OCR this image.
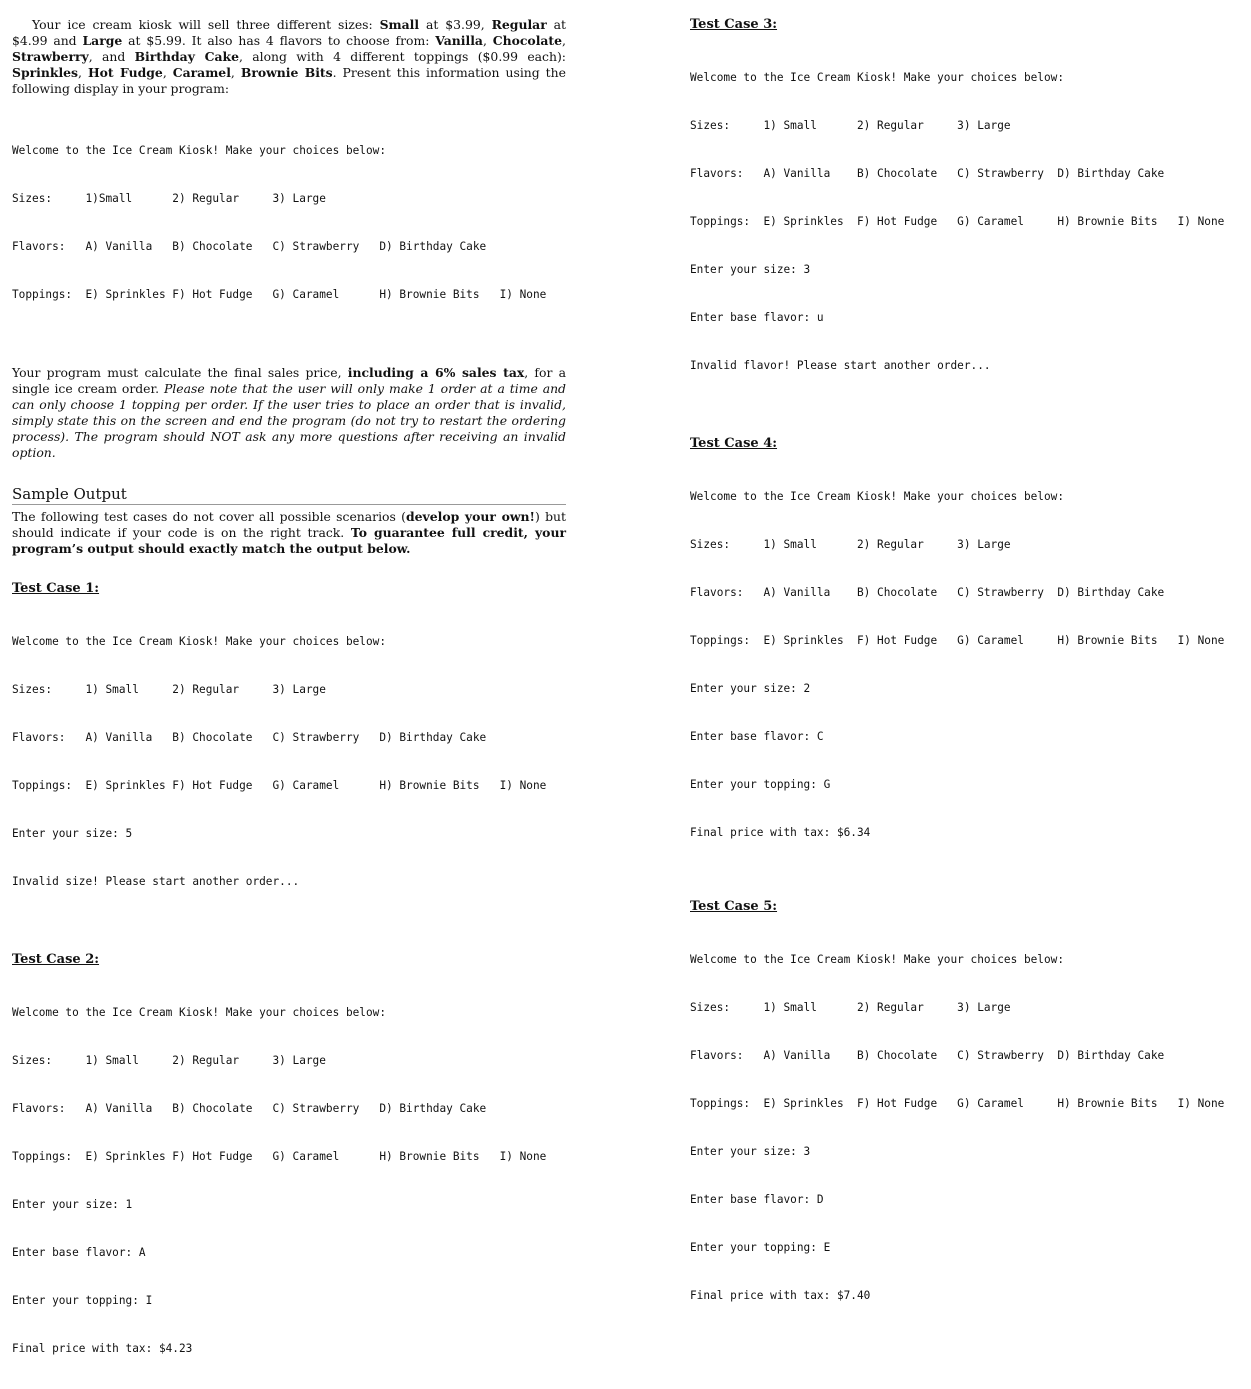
Your ice cream kiosk will sell three different sizes: Small at $3.99, Regular at $4.99 and Large at $5.99. It also has 4 flavors to choose from: Vanilla, Chocolate, Strawberry, and Birthday Cake, along with 4 different toppings ($0.99 each): Sprinkles, Hot Fudge, Caramel, Brownie Bits. Present this information using the following display in your program:

Welcome to the Ice Cream Kiosk! Make your choices below:

Sizes:     1)Small      2) Regular     3) Large

Flavors:   A) Vanilla   B) Chocolate   C) Strawberry   D) Birthday Cake

Toppings:  E) Sprinkles F) Hot Fudge   G) Caramel      H) Brownie Bits   I) None

Your program must calculate the final sales price, including a 6% sales tax, for a single ice cream order. Please note that the user will only make 1 order at a time and can only choose 1 topping per order. If the user tries to place an order that is invalid, simply state this on the screen and end the program (do not try to restart the ordering process). The program should NOT ask any more questions after receiving an invalid option.

Sample Output

The following test cases do not cover all possible scenarios (develop your own!) but should indicate if your code is on the right track. To guarantee full credit, your program’s output should exactly match the output below.

Test Case 1:

Welcome to the Ice Cream Kiosk! Make your choices below:

Sizes:     1) Small     2) Regular     3) Large

Flavors:   A) Vanilla   B) Chocolate   C) Strawberry   D) Birthday Cake

Toppings:  E) Sprinkles F) Hot Fudge   G) Caramel      H) Brownie Bits   I) None

Enter your size: 5

Invalid size! Please start another order...

Test Case 2:

Welcome to the Ice Cream Kiosk! Make your choices below:

Sizes:     1) Small     2) Regular     3) Large

Flavors:   A) Vanilla   B) Chocolate   C) Strawberry   D) Birthday Cake

Toppings:  E) Sprinkles F) Hot Fudge   G) Caramel      H) Brownie Bits   I) None

Enter your size: 1

Enter base flavor: A

Enter your topping: I

Final price with tax: $4.23

Test Case 3:

Welcome to the Ice Cream Kiosk! Make your choices below:

Sizes:     1) Small      2) Regular     3) Large

Flavors:   A) Vanilla    B) Chocolate   C) Strawberry  D) Birthday Cake

Toppings:  E) Sprinkles  F) Hot Fudge   G) Caramel     H) Brownie Bits   I) None

Enter your size: 3

Enter base flavor: u

Invalid flavor! Please start another order...

Test Case 4:

Welcome to the Ice Cream Kiosk! Make your choices below:

Sizes:     1) Small      2) Regular     3) Large

Flavors:   A) Vanilla    B) Chocolate   C) Strawberry  D) Birthday Cake

Toppings:  E) Sprinkles  F) Hot Fudge   G) Caramel     H) Brownie Bits   I) None

Enter your size: 2

Enter base flavor: C

Enter your topping: G

Final price with tax: $6.34

Test Case 5:

Welcome to the Ice Cream Kiosk! Make your choices below:

Sizes:     1) Small      2) Regular     3) Large

Flavors:   A) Vanilla    B) Chocolate   C) Strawberry  D) Birthday Cake

Toppings:  E) Sprinkles  F) Hot Fudge   G) Caramel     H) Brownie Bits   I) None

Enter your size: 3

Enter base flavor: D

Enter your topping: E

Final price with tax: $7.40
